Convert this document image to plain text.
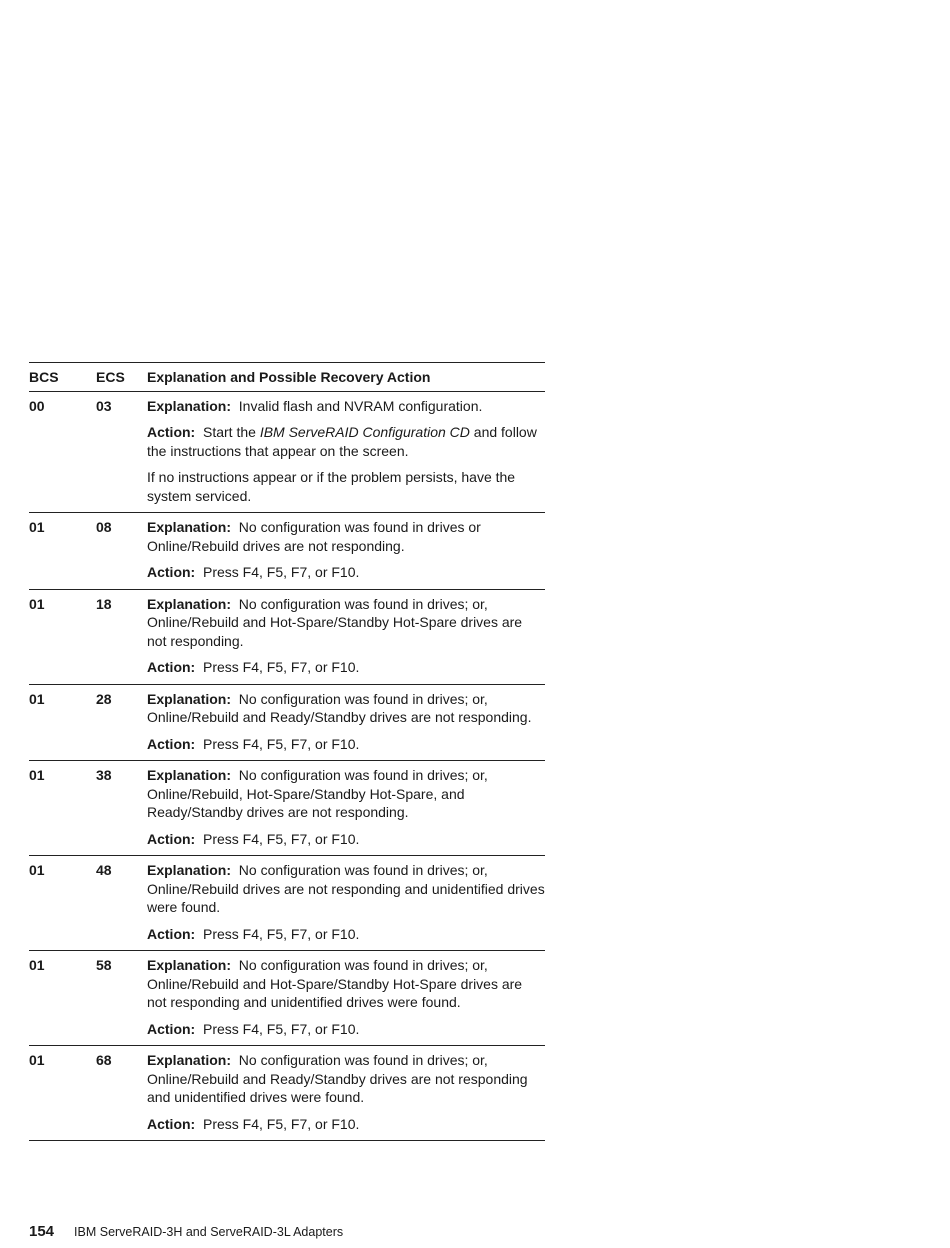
BCS	ECS	Explanation and Possible Recovery Action
00	03	Explanation: Invalid flash and NVRAM configuration.

Action: Start the IBM ServeRAID Configuration CD and follow the instructions that appear on the screen.

If no instructions appear or if the problem persists, have the system serviced.

01	08	Explanation: No configuration was found in drives or Online/Rebuild drives are not responding.

Action: Press F4, F5, F7, or F10.

01	18	Explanation: No configuration was found in drives; or, Online/Rebuild and Hot-Spare/Standby Hot-Spare drives are not responding.

Action: Press F4, F5, F7, or F10.

01	28	Explanation: No configuration was found in drives; or, Online/Rebuild and Ready/Standby drives are not responding.

Action: Press F4, F5, F7, or F10.

01	38	Explanation: No configuration was found in drives; or, Online/Rebuild, Hot-Spare/Standby Hot-Spare, and Ready/Standby drives are not responding.

Action: Press F4, F5, F7, or F10.

01	48	Explanation: No configuration was found in drives; or, Online/Rebuild drives are not responding and unidentified drives were found.

Action: Press F4, F5, F7, or F10.

01	58	Explanation: No configuration was found in drives; or, Online/Rebuild and Hot-Spare/Standby Hot-Spare drives are not responding and unidentified drives were found.

Action: Press F4, F5, F7, or F10.

01	68	Explanation: No configuration was found in drives; or, Online/Rebuild and Ready/Standby drives are not responding and unidentified drives were found.

Action: Press F4, F5, F7, or F10.

154 IBM ServeRAID-3H and ServeRAID-3L Adapters
